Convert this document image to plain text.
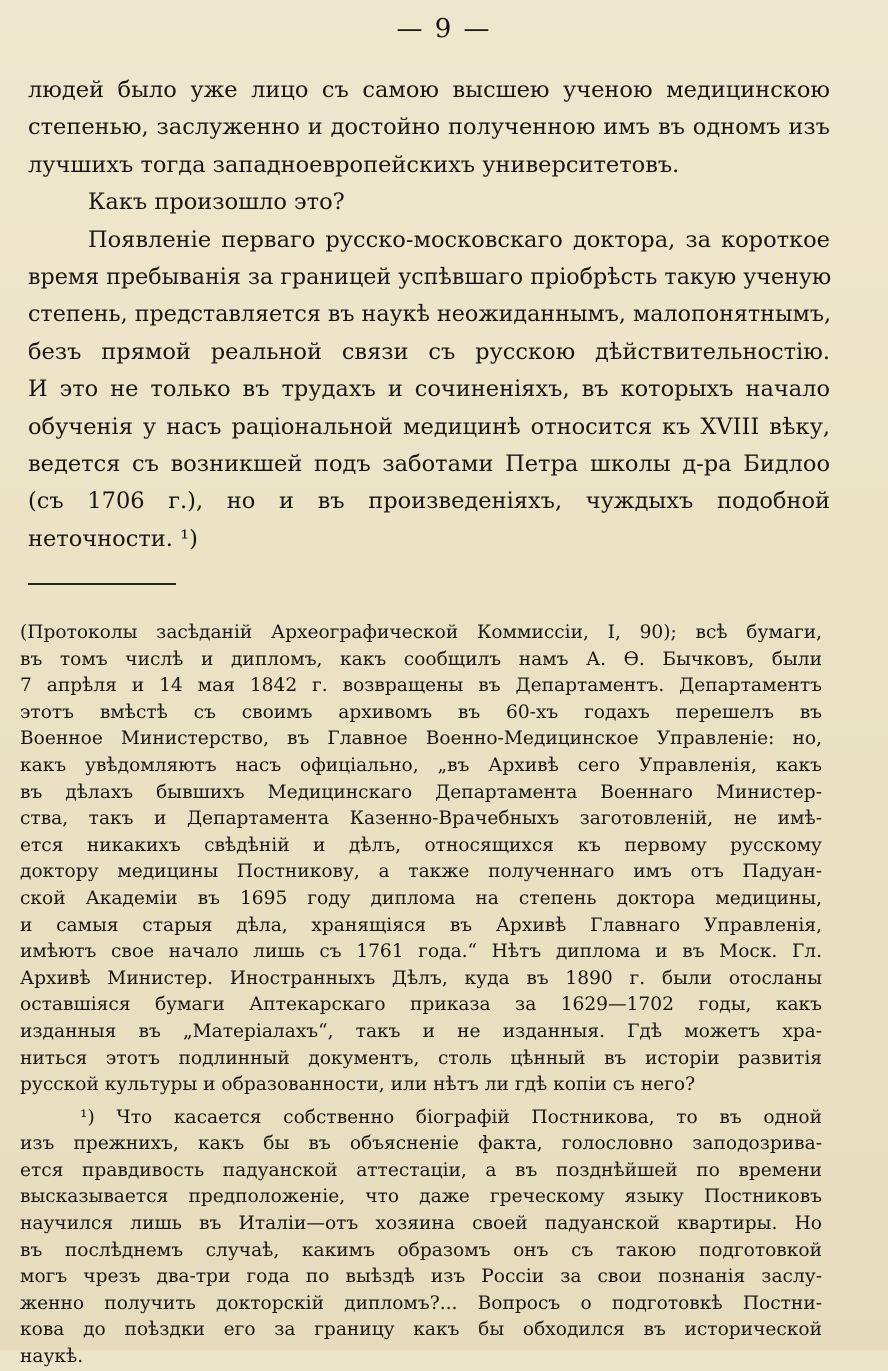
— 9 —
людей было уже лицо съ самою высшею ученою медицинскою
степенью, заслуженно и достойно полученною имъ въ одномъ изъ
лучшихъ тогда западноевропейскихъ университетовъ.
Какъ произошло это?
Появленіе перваго русско-московскаго доктора, за короткое
время пребыванія за границей успѣвшаго пріобрѣсть такую ученую
степень, представляется въ наукѣ неожиданнымъ, малопонятнымъ,
безъ прямой реальной связи съ русскою дѣйствительностію.
И это не только въ трудахъ и сочиненіяхъ, въ которыхъ начало
обученія у насъ раціональной медицинѣ относится къ XVIII вѣку,
ведется съ возникшей подъ заботами Петра школы д-ра Бидлоо
(съ 1706 г.), но и въ произведеніяхъ, чуждыхъ подобной
неточности. ¹)
(Протоколы засѣданій Археографической Коммиссіи, I, 90); всѣ бумаги,
въ томъ числѣ и дипломъ, какъ сообщилъ намъ А. Ѳ. Бычковъ, были
7 апрѣля и 14 мая 1842 г. возвращены въ Департаментъ. Департаментъ
этотъ вмѣстѣ съ своимъ архивомъ въ 60-хъ годахъ перешелъ въ
Военное Министерство, въ Главное Военно-Медицинское Управленіе: но,
какъ увѣдомляютъ насъ офиціально, „въ Архивѣ сего Управленія, какъ
въ дѣлахъ бывшихъ Медицинскаго Департамента Военнаго Министер-
ства, такъ и Департамента Казенно-Врачебныхъ заготовленій, не имѣ-
ется никакихъ свѣдѣній и дѣлъ, относящихся къ первому русскому
доктору медицины Постникову, а также полученнаго имъ отъ Падуан-
ской Академіи въ 1695 году диплома на степень доктора медицины,
и самыя старыя дѣла, хранящіяся въ Архивѣ Главнаго Управленія,
имѣютъ свое начало лишь съ 1761 года.“ Нѣтъ диплома и въ Моск. Гл.
Архивѣ Министер. Иностранныхъ Дѣлъ, куда въ 1890 г. были отосланы
оставшіяся бумаги Аптекарскаго приказа за 1629—1702 годы, какъ
изданныя въ „Матеріалахъ“, такъ и не изданныя. Гдѣ можетъ хра-
ниться этотъ подлинный документъ, столь цѣнный въ исторіи развитія
русской культуры и образованности, или нѣтъ ли гдѣ копіи съ него?
¹) Что касается собственно біографій Постникова, то въ одной
изъ прежнихъ, какъ бы въ объясненіе факта, голословно заподозрива-
ется правдивость падуанской аттестаціи, а въ позднѣйшей по времени
высказывается предположеніе, что даже греческому языку Постниковъ
научился лишь въ Италіи—отъ хозяина своей падуанской квартиры. Но
въ послѣднемъ случаѣ, какимъ образомъ онъ съ такою подготовкой
могъ чрезъ два-три года по выѣздѣ изъ Россіи за свои познанія заслу-
женно получить докторскій дипломъ?... Вопросъ о подготовкѣ Постни-
кова до поѣздки его за границу какъ бы обходился въ исторической
наукѣ.
